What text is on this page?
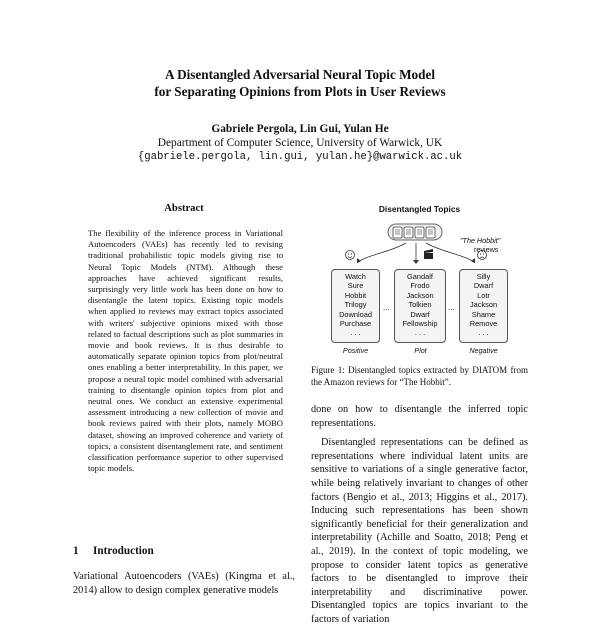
A Disentangled Adversarial Neural Topic Model
for Separating Opinions from Plots in User Reviews
Gabriele Pergola, Lin Gui, Yulan He
Department of Computer Science, University of Warwick, UK
{gabriele.pergola, lin.gui, yulan.he}@warwick.ac.uk
Abstract
The flexibility of the inference process in Variational Autoencoders (VAEs) has recently led to revising traditional probabilistic topic models giving rise to Neural Topic Models (NTM). Although these approaches have achieved significant results, surprisingly very little work has been done on how to disentangle the latent topics. Existing topic models when applied to reviews may extract topics associated with writers' subjective opinions mixed with those related to factual descriptions such as plot summaries in movie and book reviews. It is thus desirable to automatically separate opinion topics from plot/neutral ones enabling a better interpretability. In this paper, we propose a neural topic model combined with adversarial training to disentangle opinion topics from plot and neutral ones. We conduct an extensive experimental assessment introducing a new collection of movie and book reviews paired with their plots, namely MOBO dataset, showing an improved coherence and variety of topics, a consistent disentanglement rate, and sentiment classification performance superior to other supervised topic models.
1 Introduction
Variational Autoencoders (VAEs) (Kingma et al., 2014) allow to design complex generative models
Disentangled Topics
"The Hobbit"
reviews
Watch
Sure
Hobbit
Trilogy
Download
Purchase
. . .
...
Gandalf
Frodo
Jackson
Tolkien
Dwarf
Fellowship
. . .
...
Silly
Dwarf
Lotr
Jackson
Shame
Remove
. . .
Positive	Plot	Negative
Figure 1: Disentangled topics extracted by DIATOM from the Amazon reviews for “The Hobbit”.

done on how to disentangle the inferred topic representations.

Disentangled representations can be defined as representations where individual latent units are sensitive to variations of a single generative factor, while being relatively invariant to changes of other factors (Bengio et al., 2013; Higgins et al., 2017). Inducing such representations has been shown significantly beneficial for their generalization and interpretability (Achille and Soatto, 2018; Peng et al., 2019). In the context of topic modeling, we propose to consider latent topics as generative factors to be disentangled to improve their interpretability and discriminative power. Disentangled topics are topics invariant to the factors of variation
